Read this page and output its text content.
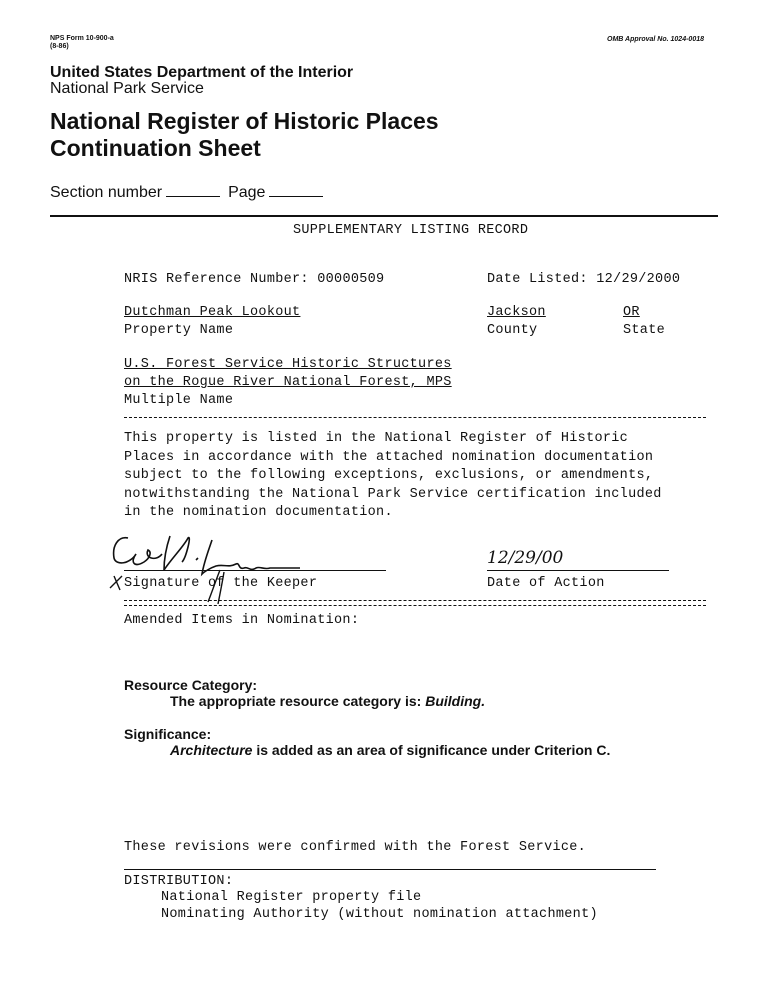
NPS Form 10-900-a
(8-86)
OMB Approval No. 1024-0018
United States Department of the Interior
National Park Service
National Register of Historic Places
Continuation Sheet
Section number	Page
SUPPLEMENTARY LISTING RECORD
NRIS Reference Number: 00000509	Date Listed: 12/29/2000
Dutchman Peak Lookout
Property Name
Jackson
County
OR
State
U.S. Forest Service Historic Structures
on the Rogue River National Forest, MPS
Multiple Name
This property is listed in the National Register of Historic
Places in accordance with the attached nomination documentation
subject to the following exceptions, exclusions, or amendments,
notwithstanding the National Park Service certification included
in the nomination documentation.
Signature of the Keeper
12/29/00
Date of Action
Amended Items in Nomination:
Resource Category:
The appropriate resource category is: Building.
Significance:
Architecture is added as an area of significance under Criterion C.
These revisions were confirmed with the Forest Service.
DISTRIBUTION:
National Register property file
Nominating Authority (without nomination attachment)
